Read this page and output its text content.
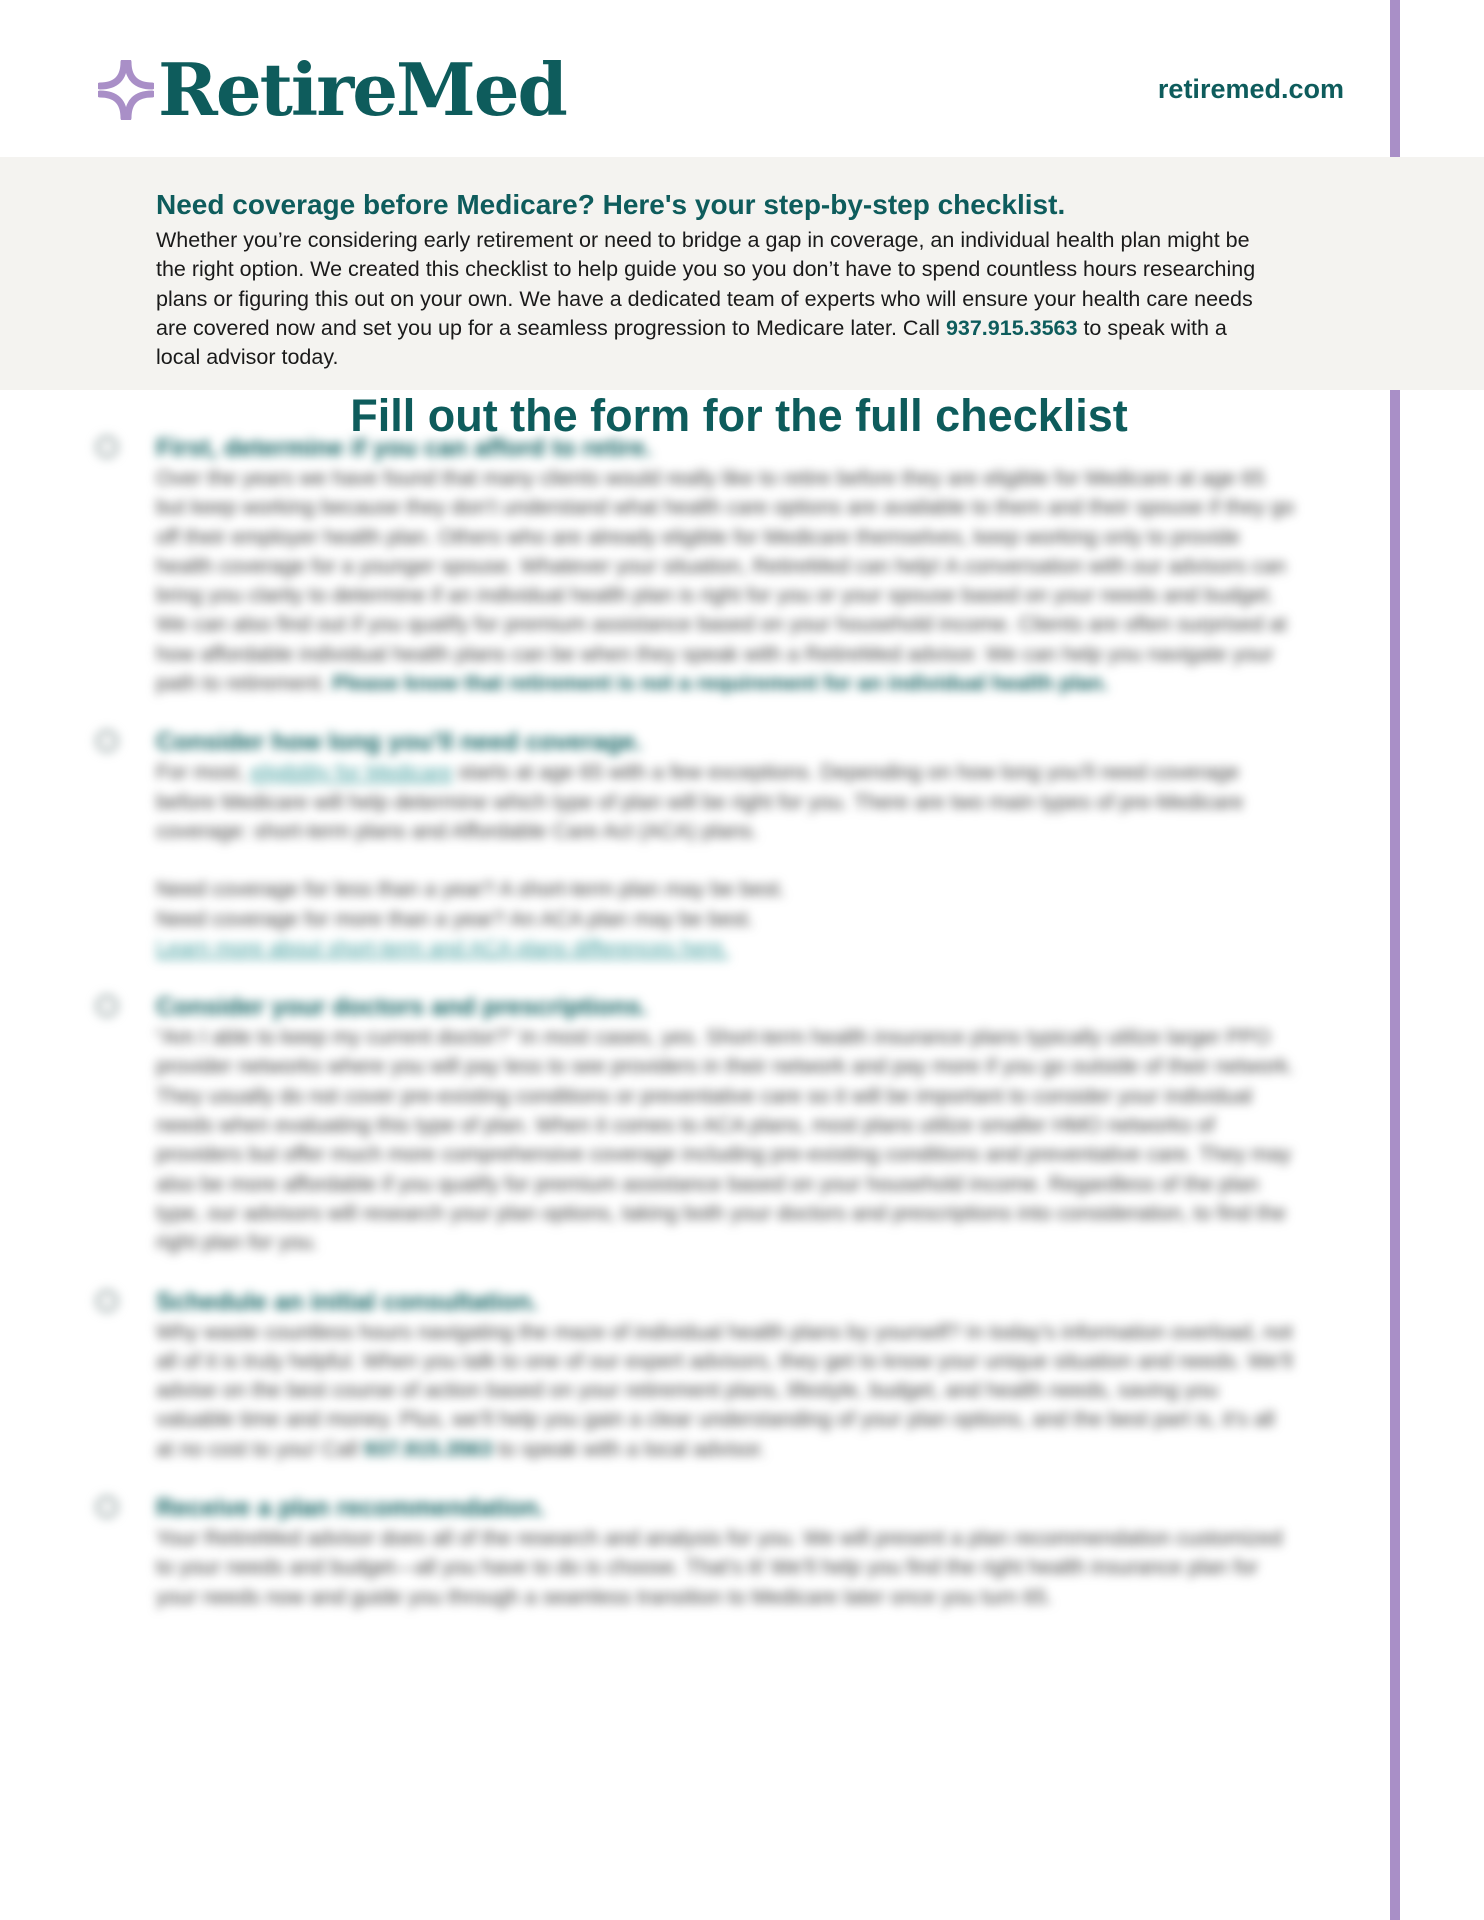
RetireMed	retiremed.com
Need coverage before Medicare? Here's your step-by-step checklist.

Whether you’re considering early retirement or need to bridge a gap in coverage, an individual health plan might be the right option. We created this checklist to help guide you so you don’t have to spend countless hours researching plans or figuring this out on your own. We have a dedicated team of experts who will ensure your health care needs are covered now and set you up for a seamless progression to Medicare later. Call 937.915.3563 to speak with a local advisor today.

Fill out the form for the full checklist

First, determine if you can afford to retire.

Over the years we have found that many clients would really like to retire before they are eligible for Medicare at age 65 but keep working because they don’t understand what health care options are available to them and their spouse if they go off their employer health plan. Others who are already eligible for Medicare themselves, keep working only to provide health coverage for a younger spouse. Whatever your situation, RetireMed can help! A conversation with our advisors can bring you clarity to determine if an individual health plan is right for you or your spouse based on your needs and budget. We can also find out if you qualify for premium assistance based on your household income. Clients are often surprised at how affordable individual health plans can be when they speak with a RetireMed advisor. We can help you navigate your path to retirement. Please know that retirement is not a requirement for an individual health plan.

Consider how long you’ll need coverage.

For most, eligibility for Medicare starts at age 65 with a few exceptions. Depending on how long you’ll need coverage before Medicare will help determine which type of plan will be right for you. There are two main types of pre-Medicare coverage: short-term plans and Affordable Care Act (ACA) plans.

Need coverage for less than a year? A short-term plan may be best.

Need coverage for more than a year? An ACA plan may be best.

Learn more about short-term and ACA plans differences here.

Consider your doctors and prescriptions.

“Am I able to keep my current doctor?” In most cases, yes. Short-term health insurance plans typically utilize larger PPO provider networks where you will pay less to see providers in their network and pay more if you go outside of their network. They usually do not cover pre-existing conditions or preventative care so it will be important to consider your individual needs when evaluating this type of plan. When it comes to ACA plans, most plans utilize smaller HMO networks of providers but offer much more comprehensive coverage including pre-existing conditions and preventative care. They may also be more affordable if you qualify for premium assistance based on your household income. Regardless of the plan type, our advisors will research your plan options, taking both your doctors and prescriptions into consideration, to find the right plan for you.

Schedule an initial consultation.

Why waste countless hours navigating the maze of individual health plans by yourself? In today’s information overload, not all of it is truly helpful. When you talk to one of our expert advisors, they get to know your unique situation and needs. We’ll advise on the best course of action based on your retirement plans, lifestyle, budget, and health needs, saving you valuable time and money. Plus, we’ll help you gain a clear understanding of your plan options, and the best part is, it’s all at no cost to you! Call 937.915.3563 to speak with a local advisor.

Receive a plan recommendation.

Your RetireMed advisor does all of the research and analysis for you. We will present a plan recommendation customized to your needs and budget—all you have to do is choose. That’s it! We’ll help you find the right health insurance plan for your needs now and guide you through a seamless transition to Medicare later once you turn 65.
